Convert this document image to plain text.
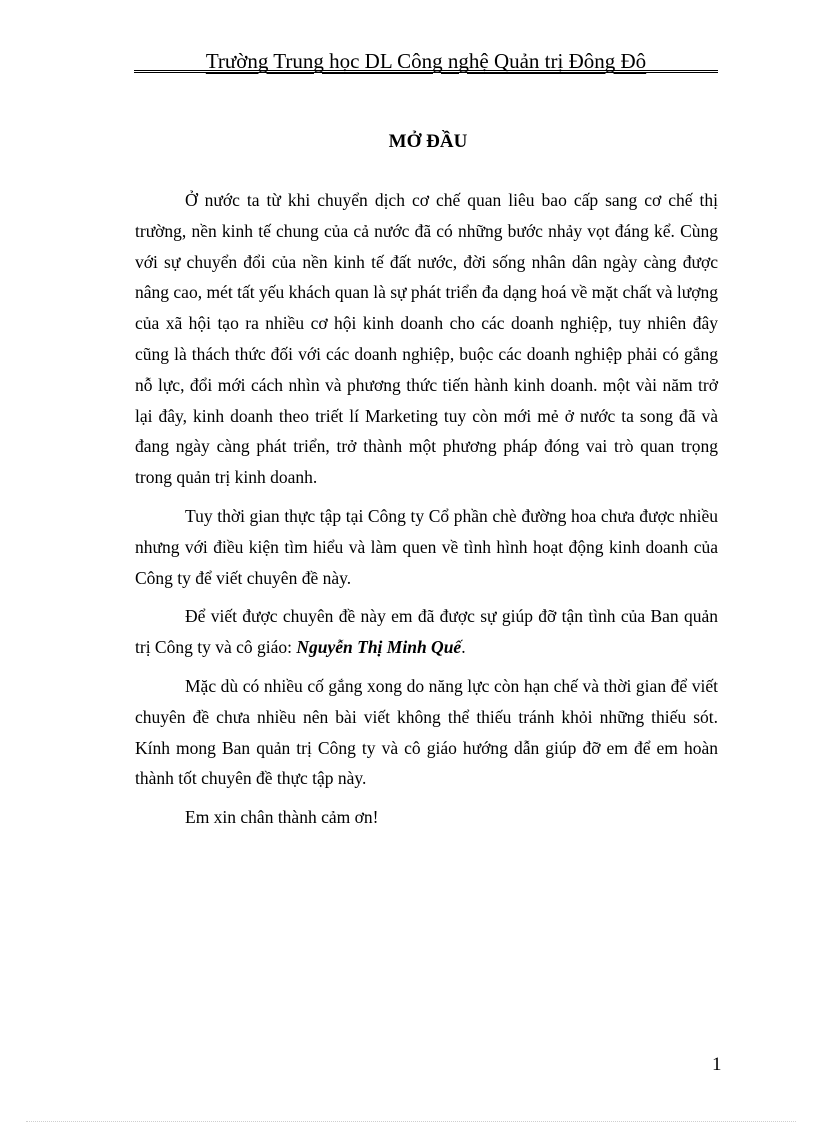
Trường Trung học DL Công nghệ Quản trị Đông Đô
MỞ ĐẦU

Ở nước ta từ khi chuyển dịch cơ chế quan liêu bao cấp sang cơ chế thị trường, nền kinh tế chung của cả nước đã có những bước nhảy vọt đáng kể. Cùng với sự chuyển đổi của nền kinh tế đất nước, đời sống nhân dân ngày càng được nâng cao, mét tất yếu khách quan là sự phát triển đa dạng hoá về mặt chất và lượng của xã hội tạo ra nhiều cơ hội kinh doanh cho các doanh nghiệp, tuy nhiên đây cũng là thách thức đối với các doanh nghiệp, buộc các doanh nghiệp phải có gắng nỗ lực, đổi mới cách nhìn và phương thức tiến hành kinh doanh. một vài năm trở lại đây, kinh doanh theo triết lí Marketing tuy còn mới mẻ ở nước ta song đã và đang ngày càng phát triển, trở thành một phương pháp đóng vai trò quan trọng trong quản trị kinh doanh.

Tuy thời gian thực tập tại Công ty Cổ phần chè đường hoa chưa được nhiều nhưng với điều kiện tìm hiểu và làm quen về tình hình hoạt động kinh doanh của Công ty để viết chuyên đề này.

Để viết được chuyên đề này em đã được sự giúp đỡ tận tình của Ban quản trị Công ty và cô giáo: Nguyễn Thị Minh Quế.

Mặc dù có nhiều cố gắng xong do năng lực còn hạn chế và thời gian để viết chuyên đề chưa nhiều nên bài viết không thể thiếu tránh khỏi những thiếu sót. Kính mong Ban quản trị Công ty và cô giáo hướng dẫn giúp đỡ em để em hoàn thành tốt chuyên đề thực tập này.

Em xin chân thành cảm ơn!

1
